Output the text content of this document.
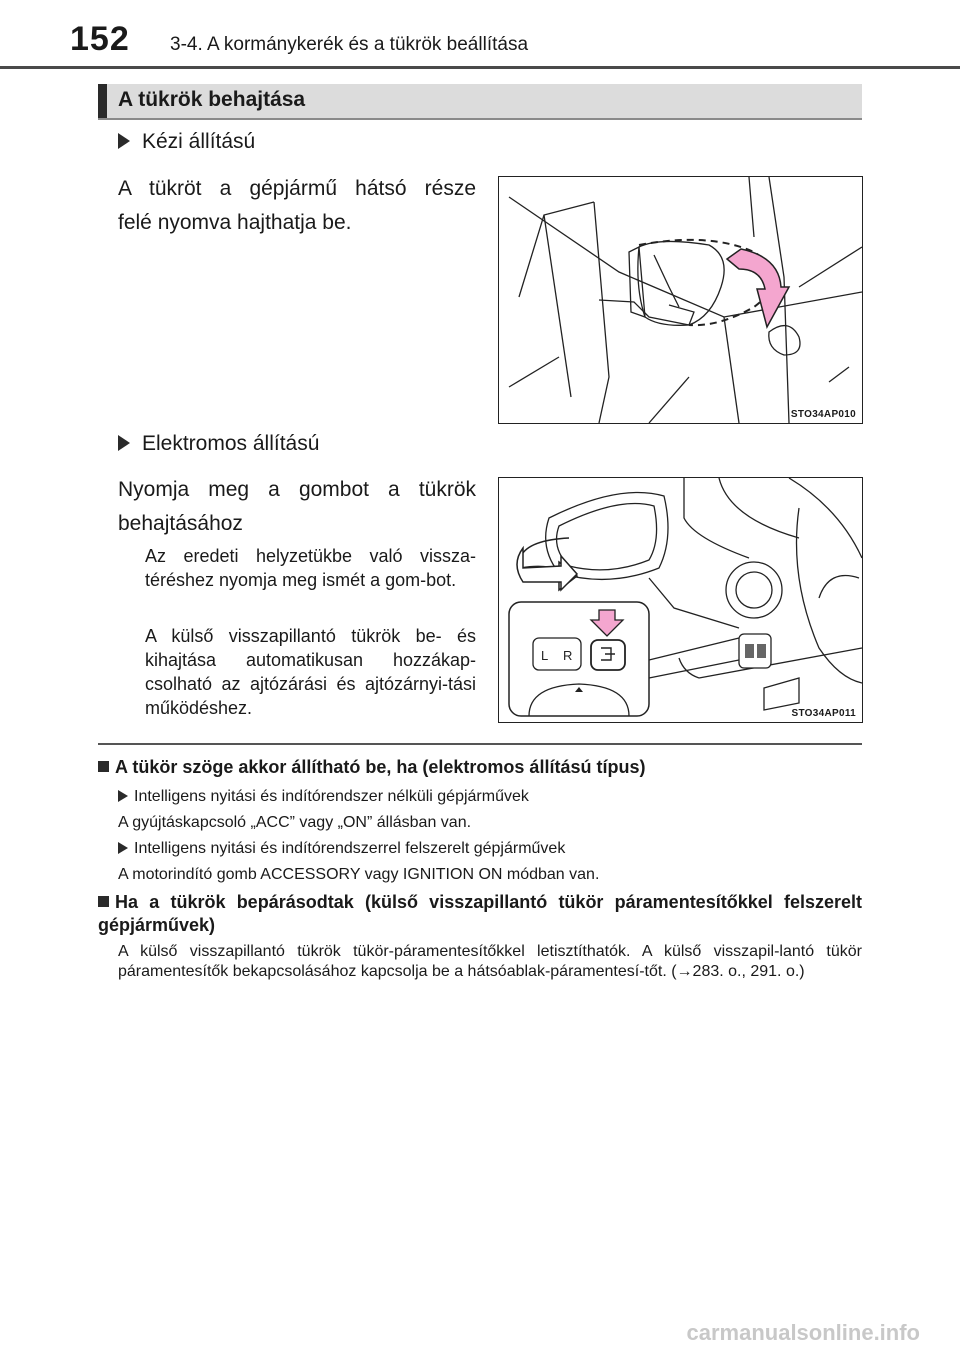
152 3-4. A kormánykerék és a tükrök beállítása
A tükrök behajtása
Kézi állítású
A tükröt a gépjármű hátsó része
felé nyomva hajthatja be.
STO34AP010
Elektromos állítású
Nyomja meg a gombot a tükrök
behajtásához
Az eredeti helyzetükbe való vissza-téréshez nyomja meg ismét a gom-bot.
A külső visszapillantó tükrök be- és kihajtása automatikusan hozzákap-csolható az ajtózárási és ajtózárnyi-tási működéshez.
L R
STO34AP011
A tükör szöge akkor állítható be, ha (elektromos állítású típus)
Intelligens nyitási és indítórendszer nélküli gépjárművek
A gyújtáskapcsoló „ACC” vagy „ON” állásban van.
Intelligens nyitási és indítórendszerrel felszerelt gépjárművek
A motorindító gomb ACCESSORY vagy IGNITION ON módban van.
Ha a tükrök bepárásodtak (külső visszapillantó tükör páramentesítőkkel felszerelt gépjárművek)
A külső visszapillantó tükrök tükör-páramentesítőkkel letisztíthatók. A külső visszapil-lantó tükör páramentesítők bekapcsolásához kapcsolja be a hátsóablak-páramentesí-tőt. (→283. o., 291. o.)
carmanualsonline.info
